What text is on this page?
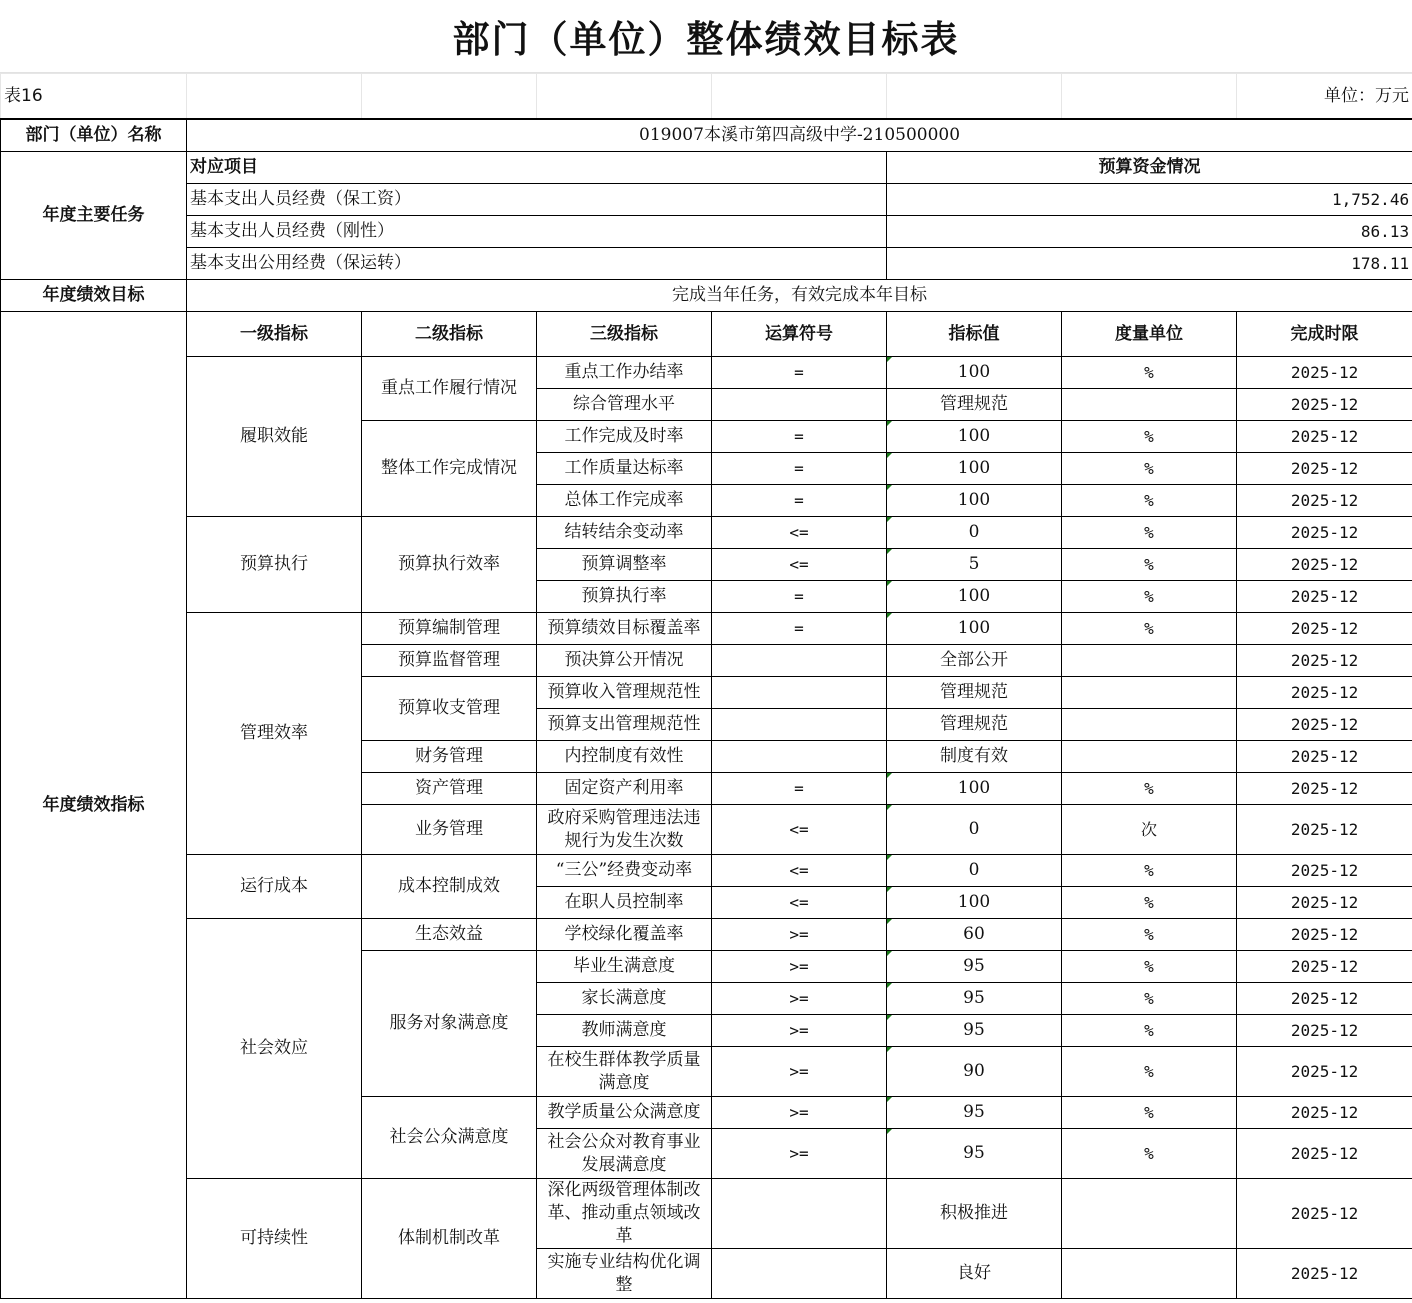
部门（单位）整体绩效目标表
表16							单位：万元
部门（单位）名称	019007本溪市第四高级中学-210500000						
年度主要任务	对应项目				预算资金情况		
	基本支出人员经费（保工资）				1,752.46		
	基本支出人员经费（刚性）				86.13		
	基本支出公用经费（保运转）				178.11		
年度绩效目标	完成当年任务，有效完成本年目标						
年度绩效指标	一级指标	二级指标	三级指标	运算符号	指标值	度量单位	完成时限
	履职效能	重点工作履行情况	重点工作办结率	=	100	%	2025-12
			综合管理水平		管理规范		2025-12
		整体工作完成情况	工作完成及时率	=	100	%	2025-12
			工作质量达标率	=	100	%	2025-12
			总体工作完成率	=	100	%	2025-12
	预算执行	预算执行效率	结转结余变动率	<=	0	%	2025-12
			预算调整率	<=	5	%	2025-12
			预算执行率	=	100	%	2025-12
	管理效率	预算编制管理	预算绩效目标覆盖率	=	100	%	2025-12
		预算监督管理	预决算公开情况		全部公开		2025-12
		预算收支管理	预算收入管理规范性		管理规范		2025-12
			预算支出管理规范性		管理规范		2025-12
		财务管理	内控制度有效性		制度有效		2025-12
		资产管理	固定资产利用率	=	100	%	2025-12
		业务管理	政府采购管理违法违规行为发生次数	<=	0	次	2025-12
	运行成本	成本控制成效	“三公”经费变动率	<=	0	%	2025-12
			在职人员控制率	<=	100	%	2025-12
	社会效应	生态效益	学校绿化覆盖率	>=	60	%	2025-12
		服务对象满意度	毕业生满意度	>=	95	%	2025-12
			家长满意度	>=	95	%	2025-12
			教师满意度	>=	95	%	2025-12
			在校生群体教学质量满意度	>=	90	%	2025-12
		社会公众满意度	教学质量公众满意度	>=	95	%	2025-12
			社会公众对教育事业发展满意度	>=	95	%	2025-12
	可持续性	体制机制改革	深化两级管理体制改革、推动重点领域改革		积极推进		2025-12
			实施专业结构优化调整		良好		2025-12
